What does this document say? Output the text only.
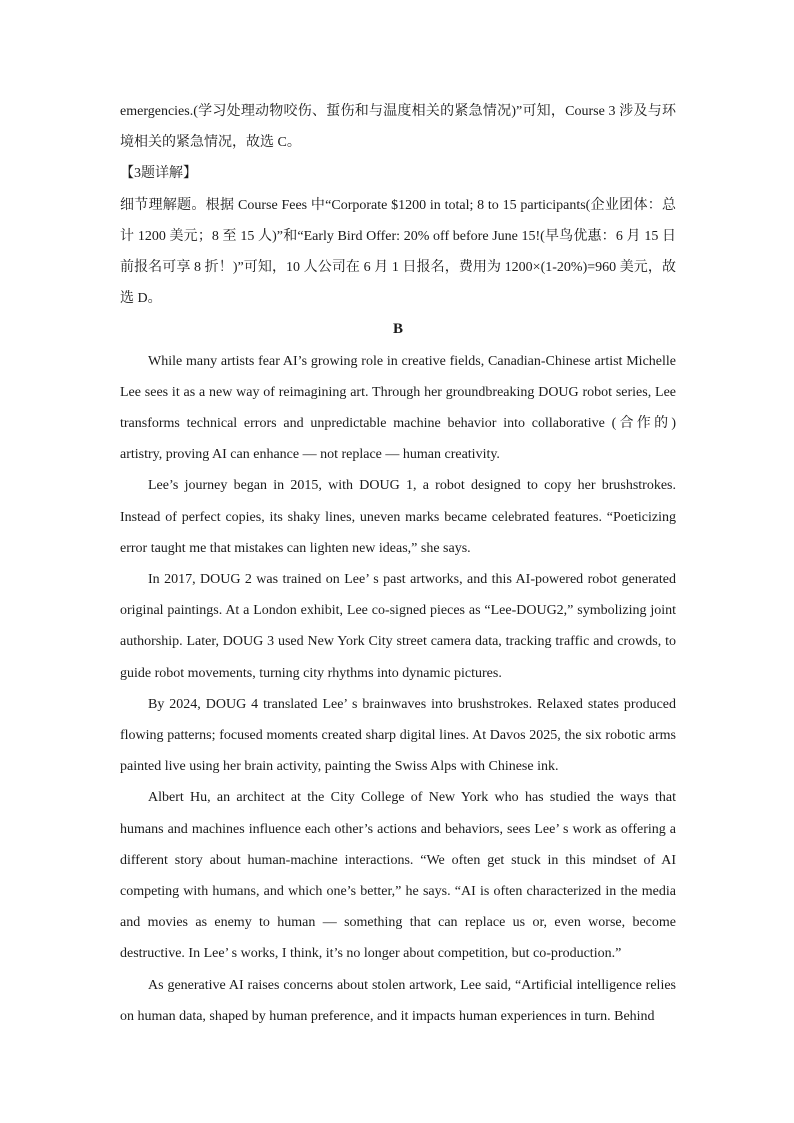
emergencies.(学习处理动物咬伤、蜇伤和与温度相关的紧急情况)”可知，Course 3 涉及与环境相关的紧急情况，故选 C。

【3题详解】

细节理解题。根据 Course Fees 中“Corporate $1200 in total; 8 to 15 participants(企业团体：总计 1200 美元；8 至 15 人)”和“Early Bird Offer: 20% off before June 15!(早鸟优惠：6 月 15 日前报名可享 8 折！)”可知，10 人公司在 6 月 1 日报名，费用为 1200×(1-20%)=960 美元，故选 D。

B

While many artists fear AI’s growing role in creative fields, Canadian-Chinese artist Michelle Lee sees it as a new way of reimagining art. Through her groundbreaking DOUG robot series, Lee transforms technical errors and unpredictable machine behavior into collaborative (合作的) artistry, proving AI can enhance — not replace — human creativity.

Lee’s journey began in 2015, with DOUG 1, a robot designed to copy her brushstrokes. Instead of perfect copies, its shaky lines, uneven marks became celebrated features. “Poeticizing error taught me that mistakes can lighten new ideas,” she says.

In 2017, DOUG 2 was trained on Lee’ s past artworks, and this AI-powered robot generated original paintings. At a London exhibit, Lee co-signed pieces as “Lee-DOUG2,” symbolizing joint authorship. Later, DOUG 3 used New York City street camera data, tracking traffic and crowds, to guide robot movements, turning city rhythms into dynamic pictures.

By 2024, DOUG 4 translated Lee’ s brainwaves into brushstrokes. Relaxed states produced flowing patterns; focused moments created sharp digital lines. At Davos 2025, the six robotic arms painted live using her brain activity, painting the Swiss Alps with Chinese ink.

Albert Hu, an architect at the City College of New York who has studied the ways that humans and machines influence each other’s actions and behaviors, sees Lee’ s work as offering a different story about human-machine interactions. “We often get stuck in this mindset of AI competing with humans, and which one’s better,” he says. “AI is often characterized in the media and movies as enemy to human — something that can replace us or, even worse, become destructive. In Lee’ s works, I think, it’s no longer about competition, but co-production.”

As generative AI raises concerns about stolen artwork, Lee said, “Artificial intelligence relies on human data, shaped by human preference, and it impacts human experiences in turn. Behind
